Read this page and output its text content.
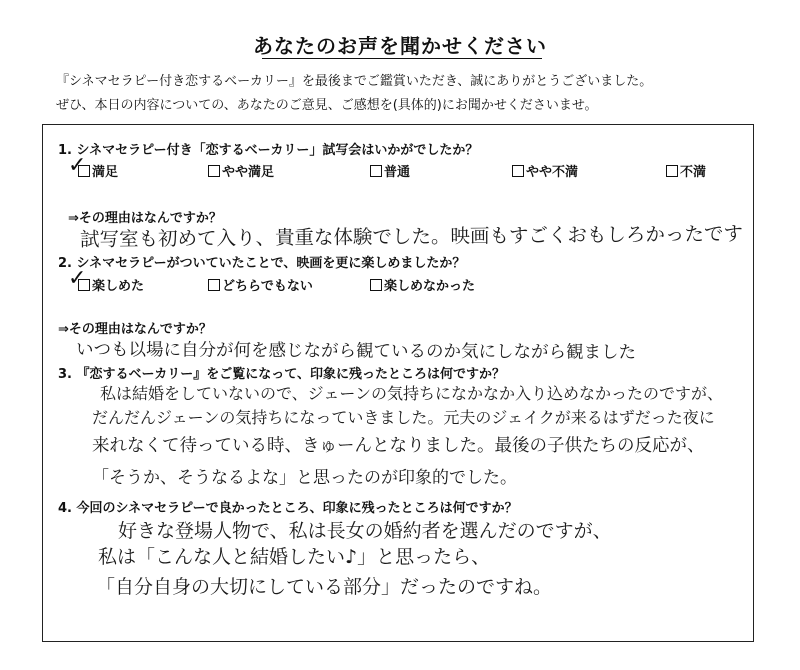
あなたのお声を聞かせください
『シネマセラピー付き恋するベーカリー』を最後までご鑑賞いただき、誠にありがとうございました。
ぜひ、本日の内容についての、あなたのご意見、ご感想を(具体的)にお聞かせくださいませ。
1. シネマセラピー付き「恋するベーカリー」試写会はいかがでしたか？
満足
✓	やや満足	普通	やや不満	不満
⇒その理由はなんですか？
試写室も初めて入り、貴重な体験でした。映画もすごくおもしろかったです
2. シネマセラピーがついていたことで、映画を更に楽しめましたか？
楽しめた
✓	どちらでもない	楽しめなかった
⇒その理由はなんですか？
いつも以場に自分が何を感じながら観ているのか気にしながら観ました
3. 『恋するベーカリー』をご覧になって、印象に残ったところは何ですか？
私は結婚をしていないので、ジェーンの気持ちになかなか入り込めなかったのですが、
だんだんジェーンの気持ちになっていきました。元夫のジェイクが来るはずだった夜に
来れなくて待っている時、きゅーんとなりました。最後の子供たちの反応が、
「そうか、そうなるよな」と思ったのが印象的でした。
4. 今回のシネマセラピーで良かったところ、印象に残ったところは何ですか？
好きな登場人物で、私は長女の婚約者を選んだのですが、
私は「こんな人と結婚したい♪」と思ったら、
「自分自身の大切にしている部分」だったのですね。
